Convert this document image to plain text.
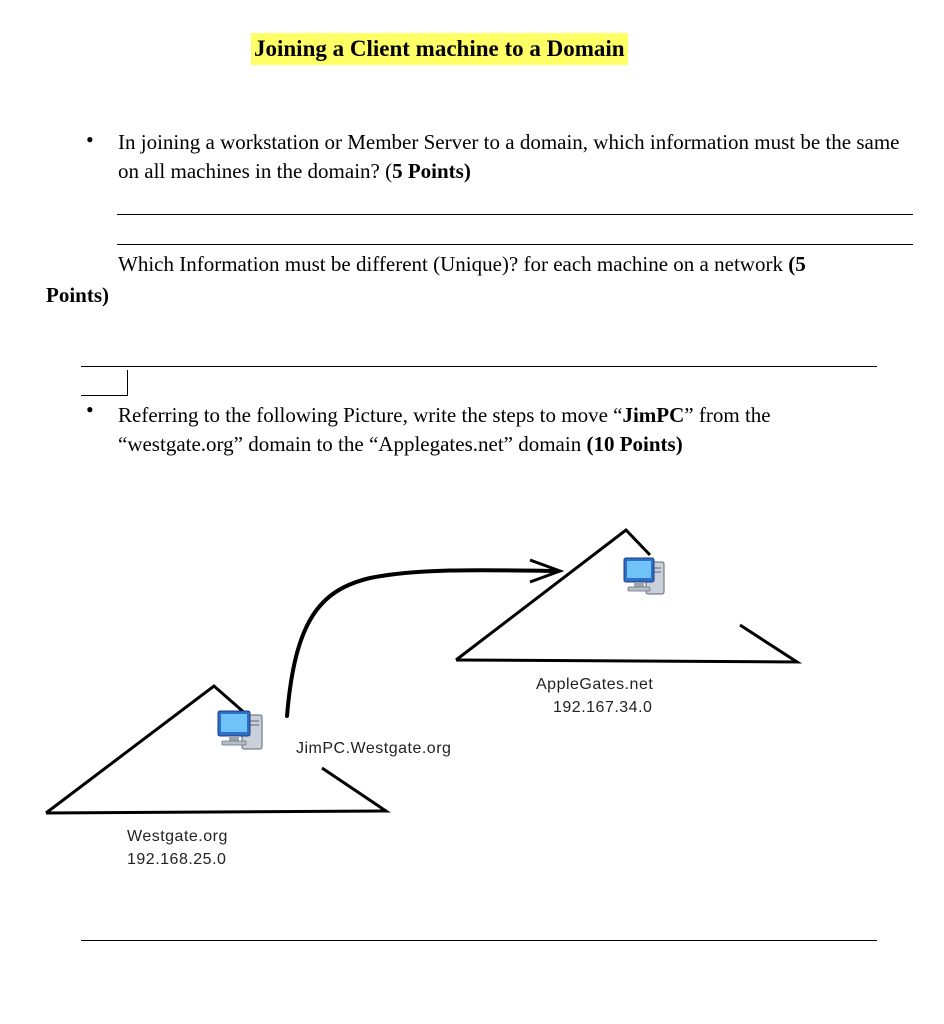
Joining a Client machine to a Domain
• In joining a workstation or Member Server to a domain, which information must be the same on all machines in the domain? (5 Points)

Which Information must be different (Unique)? for each machine on a network (5

Points)

• Referring to the following Picture, write the steps to move “JimPC” from the

“westgate.org” domain to the “Applegates.net” domain (10 Points)

AppleGates.net
192.167.34.0
JimPC.Westgate.org
Westgate.org
192.168.25.0
